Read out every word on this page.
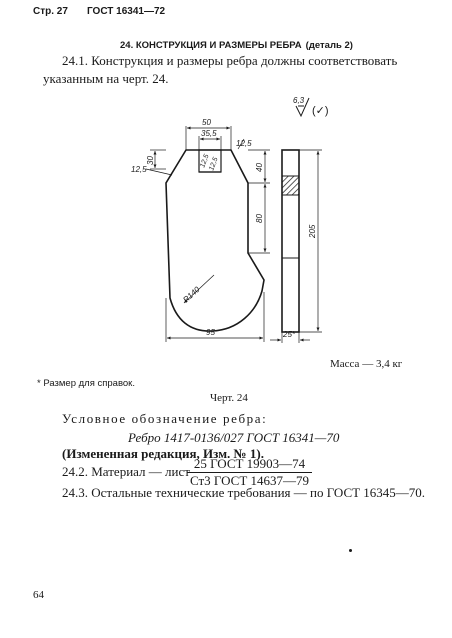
Стр. 27 ГОСТ 16341—72
24. КОНСТРУКЦИЯ И РАЗМЕРЫ РЕБРА (деталь 2)
24.1. Конструкция и размеры ребра должны соответствовать
указанным на черт. 24.
6,3
(✓)
50
35,5
12,5
12,5
12,5
12,5
30
40
80
205
R140
95	25*
Масса — 3,4 кг
* Размер для справок.
Черт. 24
Условное обозначение ребра:
Ребро 1417-0136/027 ГОСТ 16341—70
(Измененная редакция, Изм. № 1).
24.2. Материал — лист
25 ГОСТ 19903—74
Ст3 ГОСТ 14637—79
24.3. Остальные технические требования — по ГОСТ 16345—70.
64
